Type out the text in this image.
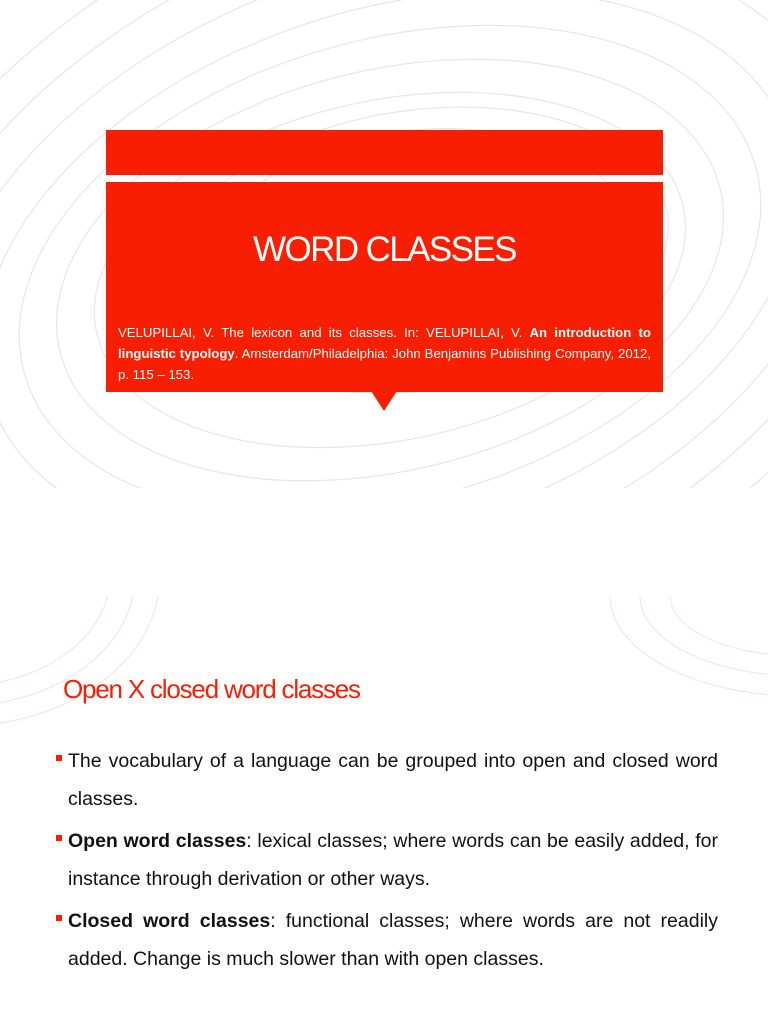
WORD CLASSES
VELUPILLAI, V. The lexicon and its classes. In: VELUPILLAI, V. An introduction to linguistic typology. Amsterdam/Philadelphia: John Benjamins Publishing Company, 2012, p. 115 – 153.
Open X closed word classes
The vocabulary of a language can be grouped into open and closed word classes.
Open word classes: lexical classes; where words can be easily added, for instance through derivation or other ways.
Closed word classes: functional classes; where words are not readily added. Change is much slower than with open classes.
